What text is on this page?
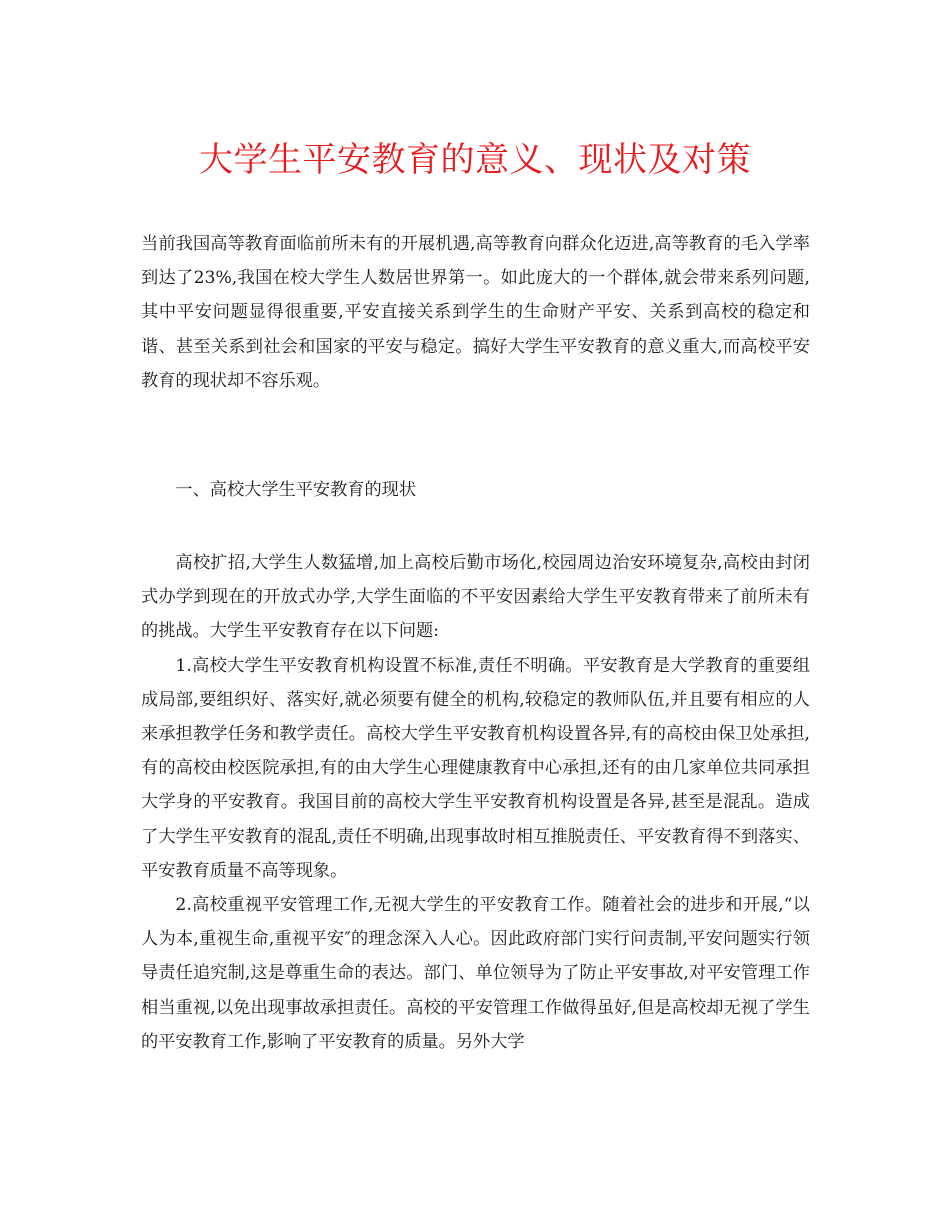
大学生平安教育的意义、现状及对策

当前我国高等教育面临前所未有的开展机遇,高等教育向群众化迈进,高等教育的毛入学率到达了23%,我国在校大学生人数居世界第一。如此庞大的一个群体,就会带来系列问题,其中平安问题显得很重要,平安直接关系到学生的生命财产平安、关系到高校的稳定和谐、甚至关系到社会和国家的平安与稳定。搞好大学生平安教育的意义重大,而高校平安教育的现状却不容乐观。

一、高校大学生平安教育的现状

高校扩招,大学生人数猛增,加上高校后勤市场化,校园周边治安环境复杂,高校由封闭式办学到现在的开放式办学,大学生面临的不平安因素给大学生平安教育带来了前所未有的挑战。大学生平安教育存在以下问题:

1.高校大学生平安教育机构设置不标准,责任不明确。平安教育是大学教育的重要组成局部,要组织好、落实好,就必须要有健全的机构,较稳定的教师队伍,并且要有相应的人来承担教学任务和教学责任。高校大学生平安教育机构设置各异,有的高校由保卫处承担,有的高校由校医院承担,有的由大学生心理健康教育中心承担,还有的由几家单位共同承担大学身的平安教育。我国目前的高校大学生平安教育机构设置是各异,甚至是混乱。造成了大学生平安教育的混乱,责任不明确,出现事故时相互推脱责任、平安教育得不到落实、平安教育质量不高等现象。

2.高校重视平安管理工作,无视大学生的平安教育工作。随着社会的进步和开展,“以人为本,重视生命,重视平安″的理念深入人心。因此政府部门实行问责制,平安问题实行领导责任追究制,这是尊重生命的表达。部门、单位领导为了防止平安事故,对平安管理工作相当重视,以免出现事故承担责任。高校的平安管理工作做得虽好,但是高校却无视了学生的平安教育工作,影响了平安教育的质量。另外大学
